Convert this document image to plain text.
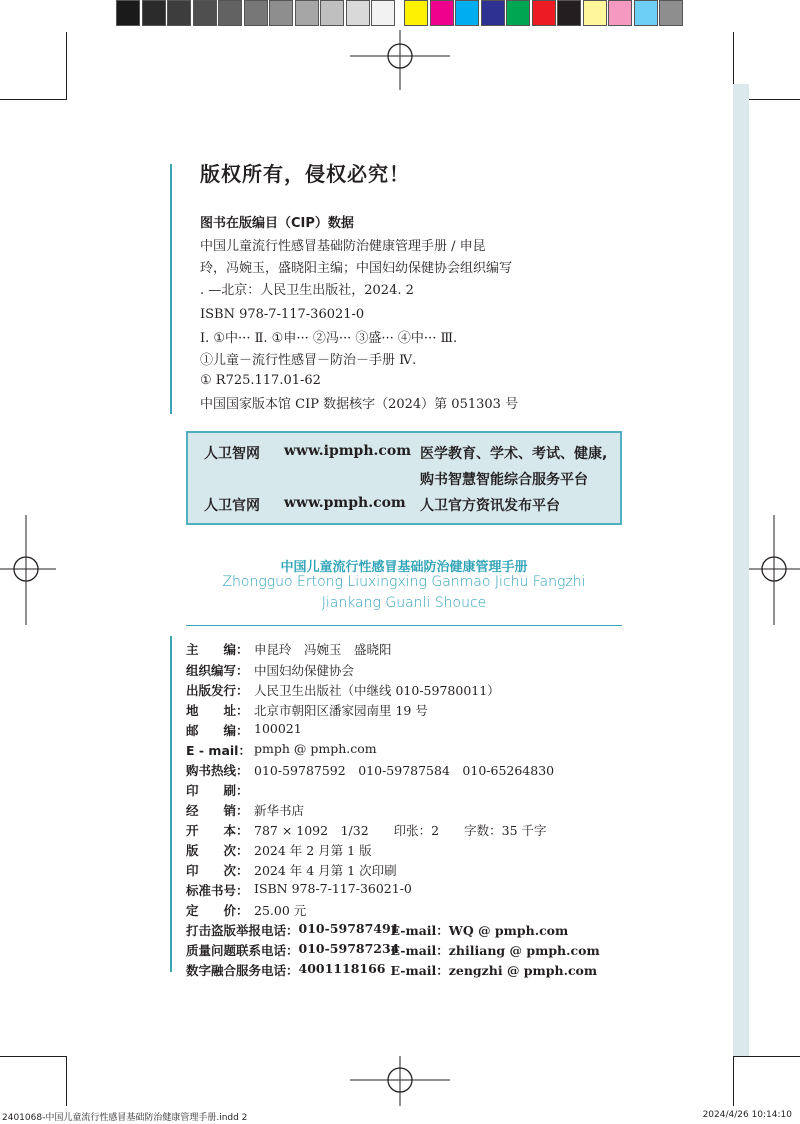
版权所有，侵权必究！
图书在版编目（CIP）数据
中国儿童流行性感冒基础防治健康管理手册 / 申昆
玲，冯婉玉，盛晓阳主编；中国妇幼保健协会组织编写
. —北京：人民卫生出版社，2024. 2
ISBN 978-7-117-36021-0
Ⅰ. ①中··· Ⅱ. ①申··· ②冯··· ③盛··· ④中··· Ⅲ.
①儿童－流行性感冒－防治－手册 Ⅳ.
① R725.117.01-62
中国国家版本馆 CIP 数据核字（2024）第 051303 号
人卫智网 www.ipmph.com 医学教育、学术、考试、健康,
购书智慧智能综合服务平台
人卫官网 www.pmph.com 人卫官方资讯发布平台
中国儿童流行性感冒基础防治健康管理手册
Zhongguo Ertong Liuxingxing Ganmao Jichu Fangzhi
Jiankang Guanli Shouce
主　　编： 申昆玲　冯婉玉　盛晓阳
组织编写： 中国妇幼保健协会
出版发行： 人民卫生出版社（中继线 010-59780011）
地　　址： 北京市朝阳区潘家园南里 19 号
邮　　编： 100021
E - mail： pmph @ pmph.com
购书热线： 010-59787592　010-59787584　010-65264830
印　　刷：
经　　销： 新华书店
开　　本： 787 × 1092　1/32　　印张：2　　字数：35 千字
版　　次： 2024 年 2 月第 1 版
印　　次： 2024 年 4 月第 1 次印刷
标准书号： ISBN 978-7-117-36021-0
定　　价： 25.00 元
打击盗版举报电话： 010-59787491
E-mail：WQ @ pmph.com
质量问题联系电话： 010-59787234
E-mail：zhiliang @ pmph.com
数字融合服务电话： 4001118166 E-mail：zengzhi @ pmph.com
2401068-中国儿童流行性感冒基础防治健康管理手册.indd 2	2024/4/26 10:14:10
